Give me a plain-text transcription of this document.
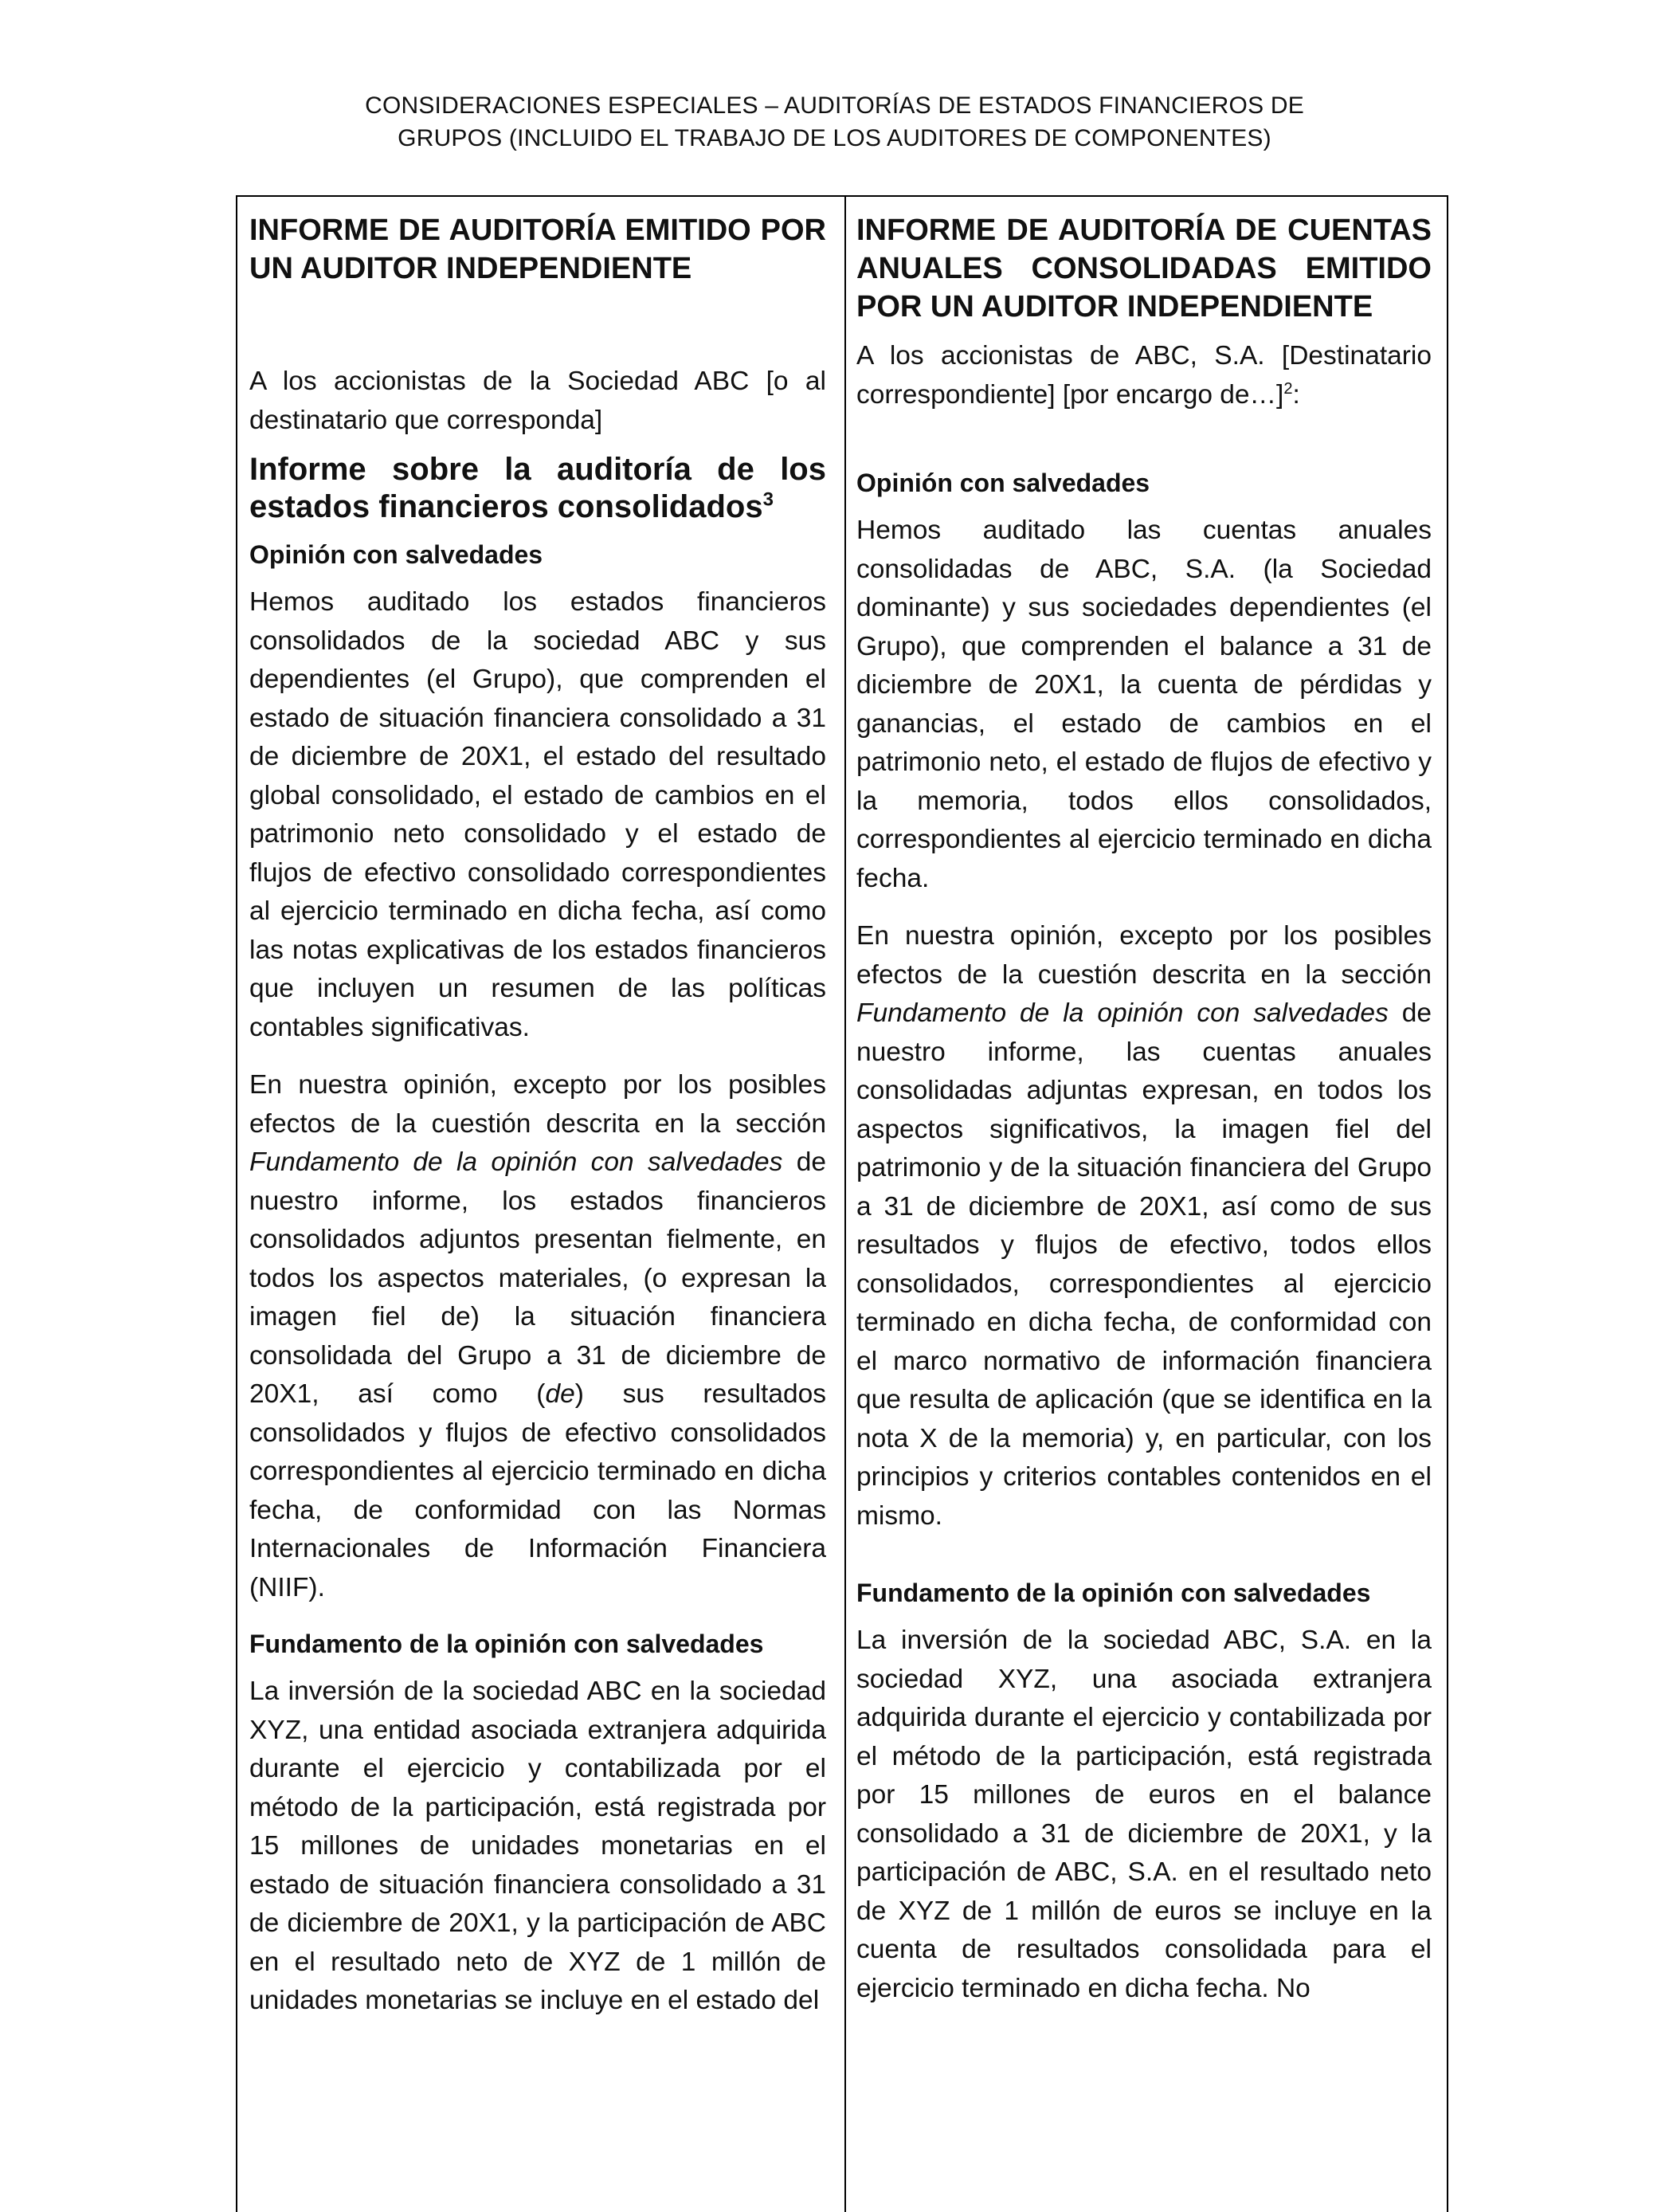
CONSIDERACIONES ESPECIALES – AUDITORÍAS DE ESTADOS FINANCIEROS DE
GRUPOS (INCLUIDO EL TRABAJO DE LOS AUDITORES DE COMPONENTES)

INFORME DE AUDITORÍA EMITIDO POR UN AUDITOR INDEPENDIENTE

A los accionistas de la Sociedad ABC [o al destinatario que corresponda]

Informe sobre la auditoría de los estados financieros consolidados$^3$

Opinión con salvedades

Hemos auditado los estados financieros consolidados de la sociedad ABC y sus dependientes (el Grupo), que comprenden el estado de situación financiera consolidado a 31 de diciembre de 20X1, el estado del resultado global consolidado, el estado de cambios en el patrimonio neto consolidado y el estado de flujos de efectivo consolidado correspondientes al ejercicio terminado en dicha fecha, así como las notas explicativas de los estados financieros que incluyen un resumen de las políticas contables significativas.

En nuestra opinión, excepto por los posibles efectos de la cuestión descrita en la sección Fundamento de la opinión con salvedades de nuestro informe, los estados financieros consolidados adjuntos presentan fielmente, en todos los aspectos materiales, (o expresan la imagen fiel de) la situación financiera consolidada del Grupo a 31 de diciembre de 20X1, así como (de) sus resultados consolidados y flujos de efectivo consolidados correspondientes al ejercicio terminado en dicha fecha, de conformidad con las Normas Internacionales de Información Financiera (NIIF).

Fundamento de la opinión con salvedades

La inversión de la sociedad ABC en la sociedad XYZ, una entidad asociada extranjera adquirida durante el ejercicio y contabilizada por el método de la participación, está registrada por 15 millones de unidades monetarias en el estado de situación financiera consolidado a 31 de diciembre de 20X1, y la participación de ABC en el resultado neto de XYZ de 1 millón de unidades monetarias se incluye en el estado del

INFORME DE AUDITORÍA DE CUENTAS ANUALES CONSOLIDADAS EMITIDO POR UN AUDITOR INDEPENDIENTE

A los accionistas de ABC, S.A. [Destinatario correspondiente] [por encargo de…]$^2$:

Opinión con salvedades

Hemos auditado las cuentas anuales consolidadas de ABC, S.A. (la Sociedad dominante) y sus sociedades dependientes (el Grupo), que comprenden el balance a 31 de diciembre de 20X1, la cuenta de pérdidas y ganancias, el estado de cambios en el patrimonio neto, el estado de flujos de efectivo y la memoria, todos ellos consolidados, correspondientes al ejercicio terminado en dicha fecha.

En nuestra opinión, excepto por los posibles efectos de la cuestión descrita en la sección Fundamento de la opinión con salvedades de nuestro informe, las cuentas anuales consolidadas adjuntas expresan, en todos los aspectos significativos, la imagen fiel del patrimonio y de la situación financiera del Grupo a 31 de diciembre de 20X1, así como de sus resultados y flujos de efectivo, todos ellos consolidados, correspondientes al ejercicio terminado en dicha fecha, de conformidad con el marco normativo de información financiera que resulta de aplicación (que se identifica en la nota X de la memoria) y, en particular, con los principios y criterios contables contenidos en el mismo.

Fundamento de la opinión con salvedades

La inversión de la sociedad ABC, S.A. en la sociedad XYZ, una asociada extranjera adquirida durante el ejercicio y contabilizada por el método de la participación, está registrada por 15 millones de euros en el balance consolidado a 31 de diciembre de 20X1, y la participación de ABC, S.A. en el resultado neto de XYZ de 1 millón de euros se incluye en la cuenta de resultados consolidada para el ejercicio terminado en dicha fecha. No
